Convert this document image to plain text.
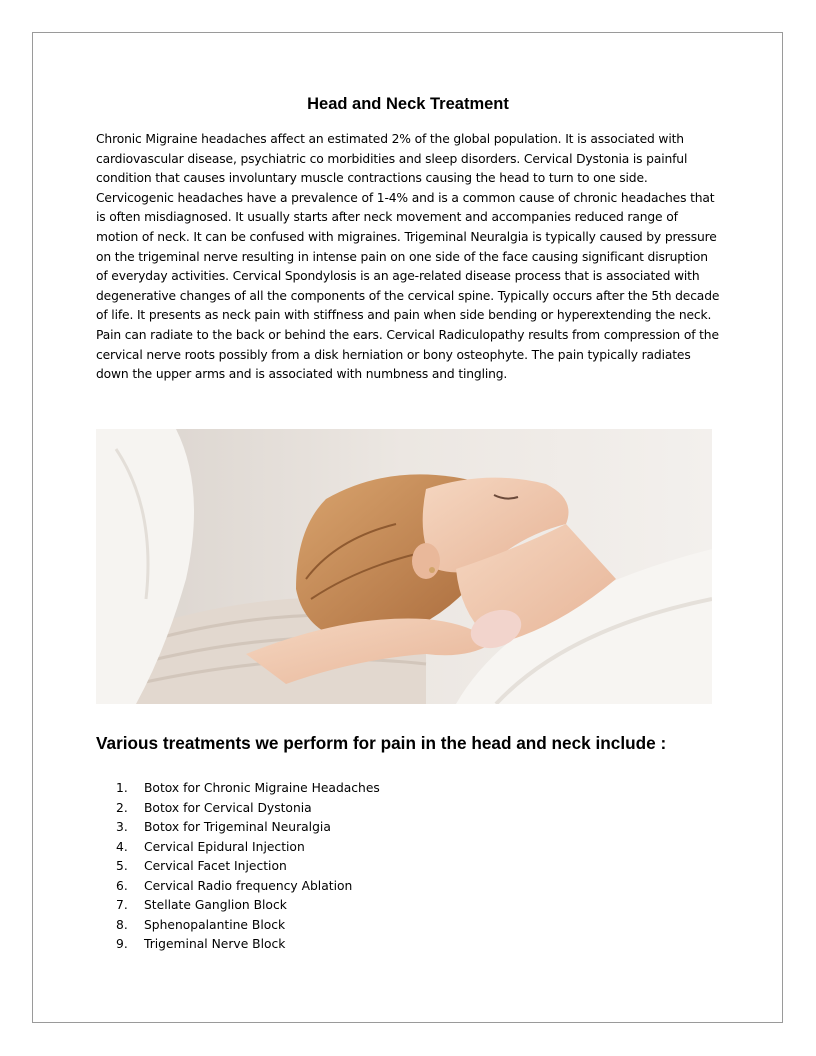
Head and Neck Treatment

Chronic Migraine headaches affect an estimated 2% of the global population. It is associated with cardiovascular disease, psychiatric co morbidities and sleep disorders. Cervical Dystonia is painful condition that causes involuntary muscle contractions causing the head to turn to one side. Cervicogenic headaches have a prevalence of 1-4% and is a common cause of chronic headaches that is often misdiagnosed. It usually starts after neck movement and accompanies reduced range of motion of neck. It can be confused with migraines. Trigeminal Neuralgia is typically caused by pressure on the trigeminal nerve resulting in intense pain on one side of the face causing significant disruption of everyday activities. Cervical Spondylosis is an age-related disease process that is associated with degenerative changes of all the components of the cervical spine. Typically occurs after the 5th decade of life. It presents as neck pain with stiffness and pain when side bending or hyperextending the neck. Pain can radiate to the back or behind the ears. Cervical Radiculopathy results from compression of the cervical nerve roots possibly from a disk herniation or bony osteophyte. The pain typically radiates down the upper arms and is associated with numbness and tingling.

Various treatments we perform for pain in the head and neck include :
1.	Botox for Chronic Migraine Headaches
2.	Botox for Cervical Dystonia
3.	Botox for Trigeminal Neuralgia
4.	Cervical Epidural Injection
5.	Cervical Facet Injection
6.	Cervical Radio frequency Ablation
7.	Stellate Ganglion Block
8.	Sphenopalantine Block
9.	Trigeminal Nerve Block
